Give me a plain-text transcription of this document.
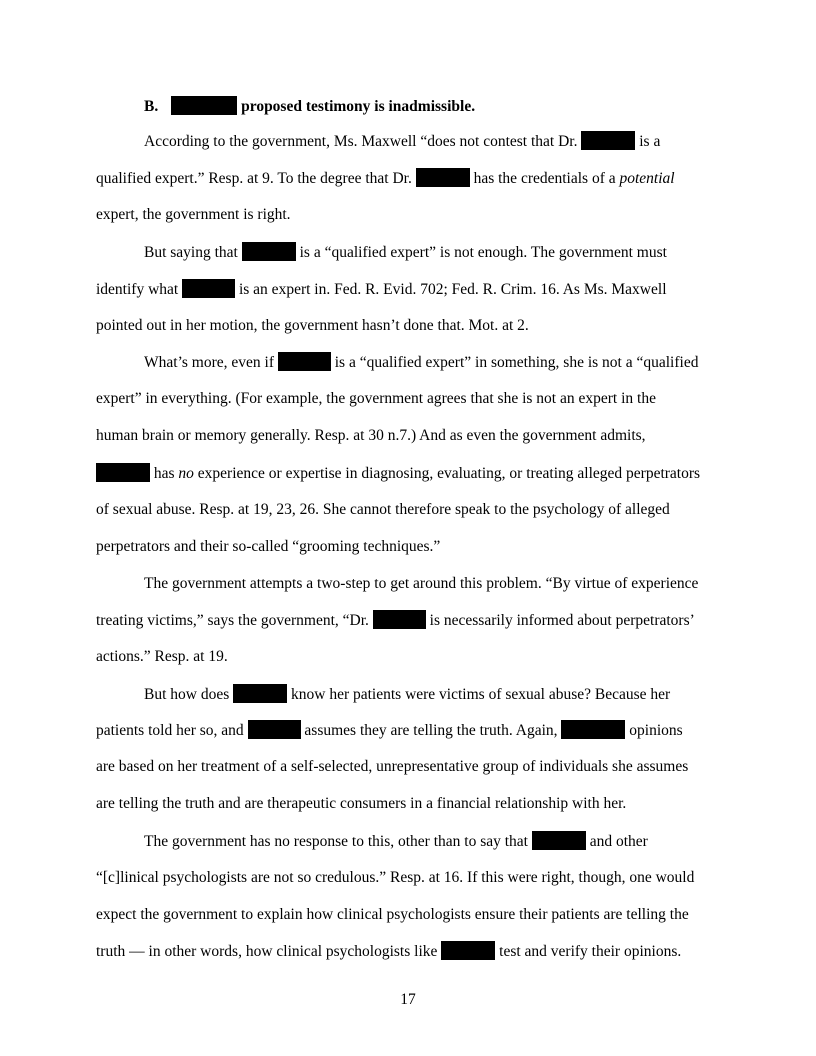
B.	proposed testimony is inadmissible.
According to the government, Ms. Maxwell “does not contest that Dr.	is a
qualified expert.” Resp. at 9. To the degree that Dr.	has the credentials of a potential
expert, the government is right.
But saying that	is a “qualified expert” is not enough. The government must
identify what	is an expert in. Fed. R. Evid. 702; Fed. R. Crim. 16. As Ms. Maxwell
pointed out in her motion, the government hasn’t done that. Mot. at 2.
What’s more, even if	is a “qualified expert” in something, she is not a “qualified
expert” in everything. (For example, the government agrees that she is not an expert in the
human brain or memory generally. Resp. at 30 n.7.) And as even the government admits,
has no experience or expertise in diagnosing, evaluating, or treating alleged perpetrators
of sexual abuse. Resp. at 19, 23, 26. She cannot therefore speak to the psychology of alleged
perpetrators and their so-called “grooming techniques.”
The government attempts a two-step to get around this problem. “By virtue of experience
treating victims,” says the government, “Dr.	is necessarily informed about perpetrators’
actions.” Resp. at 19.
But how does	know her patients were victims of sexual abuse? Because her
patients told her so, and	assumes they are telling the truth. Again,	opinions
are based on her treatment of a self-selected, unrepresentative group of individuals she assumes
are telling the truth and are therapeutic consumers in a financial relationship with her.
The government has no response to this, other than to say that	and other
“[c]linical psychologists are not so credulous.” Resp. at 16. If this were right, though, one would
expect the government to explain how clinical psychologists ensure their patients are telling the
truth — in other words, how clinical psychologists like	test and verify their opinions.
17
